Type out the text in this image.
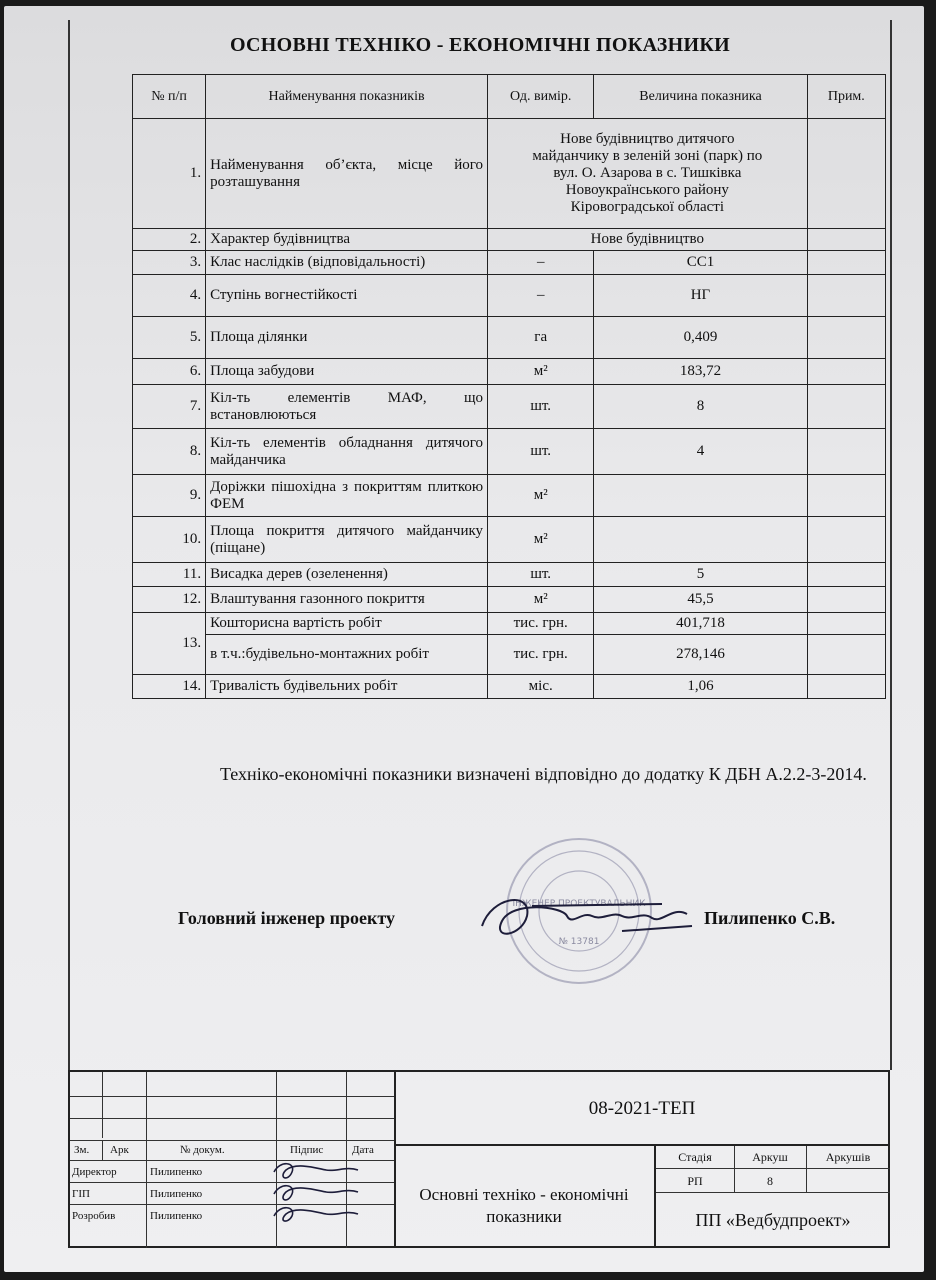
ОСНОВНІ ТЕХНІКО - ЕКОНОМІЧНІ ПОКАЗНИКИ
№ п/п	Найменування показників	Од. вимір.	Величина показника	Прим.
1.	Найменування об’єкта, місце його розташування	Нове будівництво дитячого майданчику в зеленій зоні (парк) по вул. О. Азарова в с. Тишківка Новоукраїнського району Кіровоградської області		
2.	Характер будівництва	Нове будівництво		
3.	Клас наслідків (відповідальності)	–	СС1	
4.	Ступінь вогнестійкості	–	НГ	
5.	Площа ділянки	га	0,409	
6.	Площа забудови	м²	183,72	
7.	Кіл-ть елементів МАФ, що встановлюються	шт.	8	
8.	Кіл-ть елементів обладнання дитячого майданчика	шт.	4	
9.	Доріжки пішохідна з покриттям плиткою ФЕМ	м²		
10.	Площа покриття дитячого майданчику (піщане)	м²		
11.	Висадка дерев (озеленення)	шт.	5	
12.	Влаштування газонного покриття	м²	45,5	
13.	Кошторисна вартість робіт	тис. грн.	401,718	
	в т.ч.:будівельно-монтажних робіт	тис. грн.	278,146	
14.	Тривалість будівельних робіт	міс.	1,06	
Техніко-економічні показники визначені відповідно до додатку К ДБН А.2.2-3-2014.
ІНЖЕНЕР ПРОЕКТУВАЛЬНИК
№ 13781
Головний інженер проекту	Пилипенко С.В.
Зм. Арк	№ докум.	Підпис	Дата
Директор	Пилипенко
ГІП	Пилипенко
Розробив	Пилипенко
08-2021-ТЕП
Основні техніко - економічні показники
Стадія	Аркуш	Аркушів
РП	8
ПП «Ведбудпроект»
